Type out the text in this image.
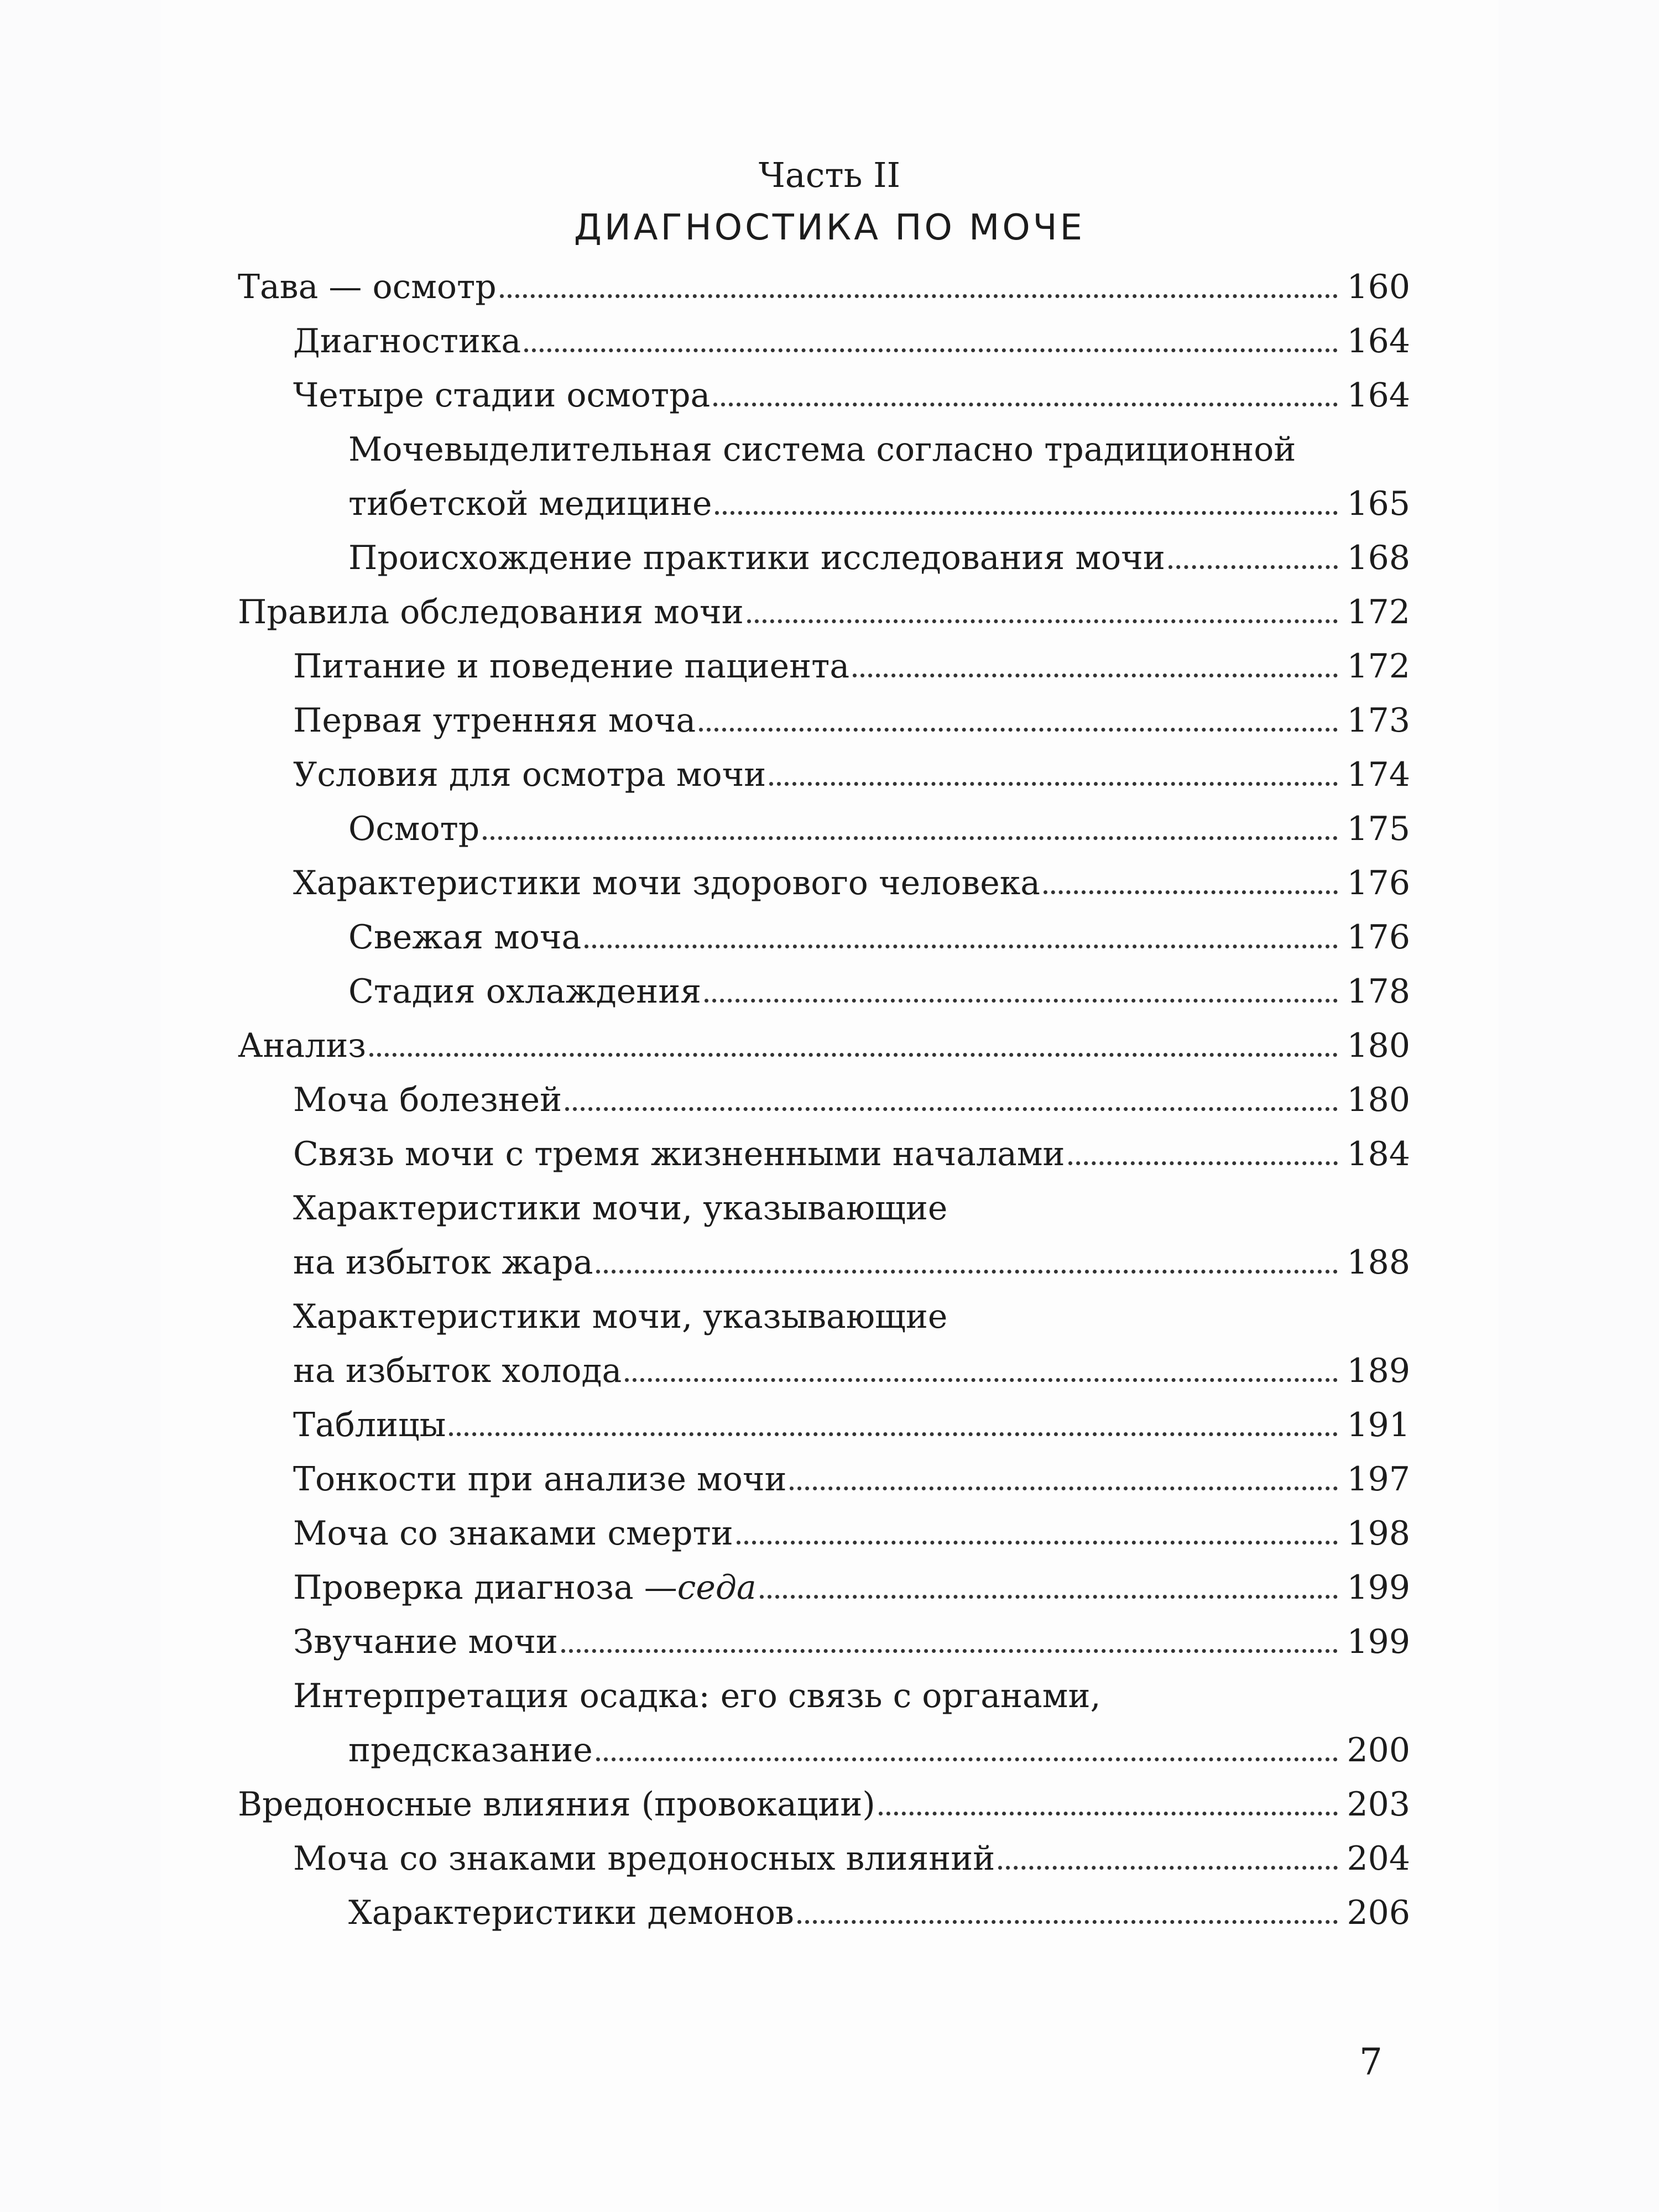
Часть II
ДИАГНОСТИКА ПО МОЧЕ
Тава — осмотр	160
Диагностика	164
Четыре стадии осмотра	164
Мочевыделительная система согласно традиционной
тибетской медицине	165
Происхождение практики исследования мочи	168
Правила обследования мочи	172
Питание и поведение пациента	172
Первая утренняя моча	173
Условия для осмотра мочи	174
Осмотр	175
Характеристики мочи здорового человека	176
Свежая моча	176
Стадия охлаждения	178
Анализ	180
Моча болезней	180
Связь мочи с тремя жизненными началами	184
Характеристики мочи, указывающие
на избыток жара	188
Характеристики мочи, указывающие
на избыток холода	189
Таблицы	191
Тонкости при анализе мочи	197
Моча со знаками смерти	198
Проверка диагноза — седа	199
Звучание мочи	199
Интерпретация осадка: его связь с органами,
предсказание	200
Вредоносные влияния (провокации)	203
Моча со знаками вредоносных влияний	204
Характеристики демонов	206
7
